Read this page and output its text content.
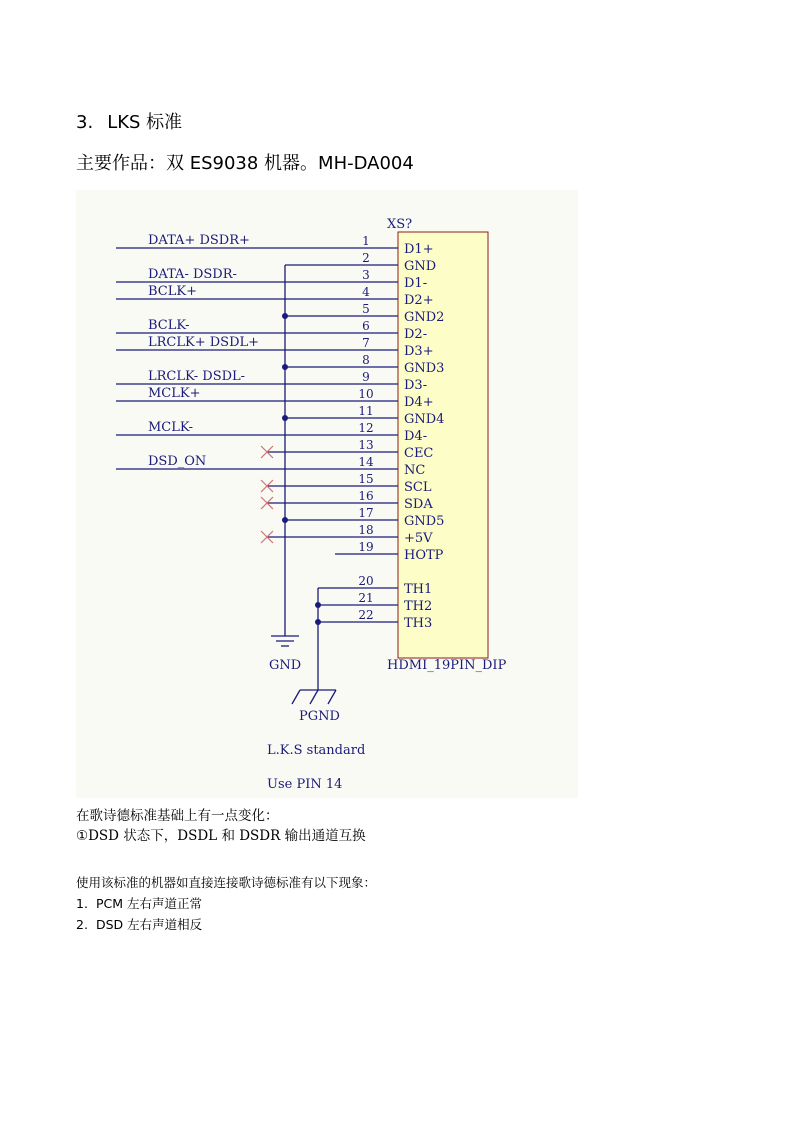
3. LKS 标准
主要作品：双 ES9038 机器。MH-DA004
XS?
HDMI_19PIN_DIP
1
D1+
2
GND
3
D1-
4
D2+
5
GND2
6
D2-
7
D3+
8
GND3
9
D3-
10
D4+
11
GND4
12
D4-
13
CEC
14
NC
15
SCL
16
SDA
17
GND5
18
+5V
19
HOTP
20
TH1
21
TH2
22
TH3
DATA+ DSDR+
DATA- DSDR-
BCLK+
BCLK-
LRCLK+ DSDL+
LRCLK- DSDL-
MCLK+
MCLK-
DSD_ON
GND
PGND
L.K.S standard
Use PIN 14
在歌诗德标准基础上有一点变化：
①DSD 状态下，DSDL 和 DSDR 输出通道互换
使用该标准的机器如直接连接歌诗德标准有以下现象：
1. PCM 左右声道正常
2. DSD 左右声道相反
